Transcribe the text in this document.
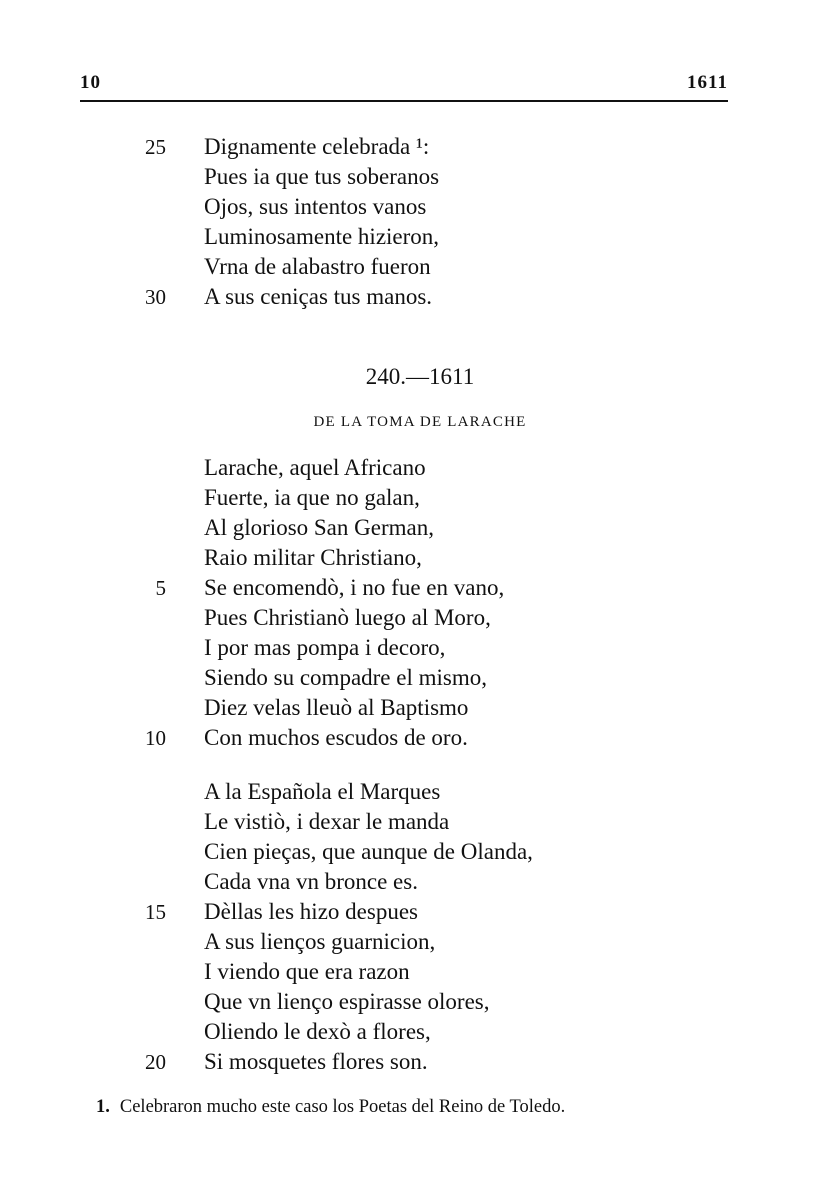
10	1611
Dignamente celebrada ¹:
25
Pues ia que tus soberanos
Ojos, sus intentos vanos
Luminosamente hizieron,
Vrna de alabastro fueron
A sus ceniças tus manos.
30
240.—1611
DE LA TOMA DE LARACHE
Larache, aquel Africano
Fuerte, ia que no galan,
Al glorioso San German,
Raio militar Christiano,
Se encomendò, i no fue en vano,
5
Pues Christianò luego al Moro,
I por mas pompa i decoro,
Siendo su compadre el mismo,
Diez velas lleuò al Baptismo
Con muchos escudos de oro.
10
A la Española el Marques
Le vistiò, i dexar le manda
Cien pieças, que aunque de Olanda,
Cada vna vn bronce es.
Dèllas les hizo despues
15
A sus lienços guarnicion,
I viendo que era razon
Que vn lienço espirasse olores,
Oliendo le dexò a flores,
Si mosquetes flores son.
20
1. Celebraron mucho este caso los Poetas del Reino de Toledo.
